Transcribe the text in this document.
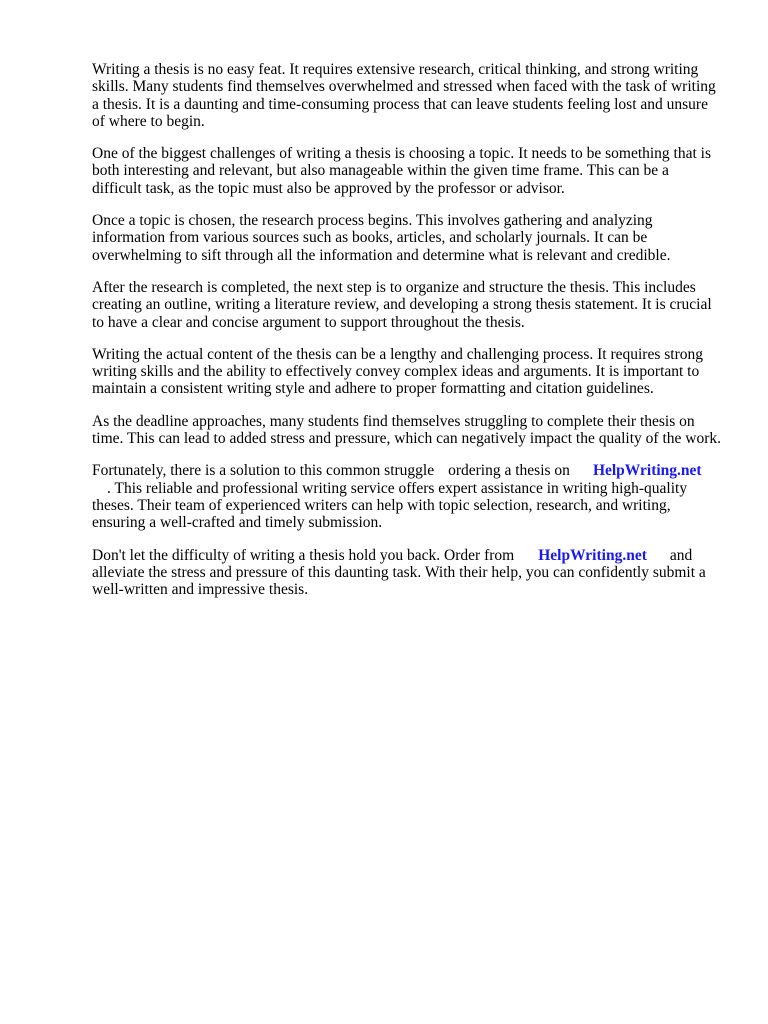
Writing a thesis is no easy feat. It requires extensive research, critical thinking, and strong writing
skills. Many students find themselves overwhelmed and stressed when faced with the task of writing
a thesis. It is a daunting and time-consuming process that can leave students feeling lost and unsure
of where to begin.

One of the biggest challenges of writing a thesis is choosing a topic. It needs to be something that is
both interesting and relevant, but also manageable within the given time frame. This can be a
difficult task, as the topic must also be approved by the professor or advisor.

Once a topic is chosen, the research process begins. This involves gathering and analyzing
information from various sources such as books, articles, and scholarly journals. It can be
overwhelming to sift through all the information and determine what is relevant and credible.

After the research is completed, the next step is to organize and structure the thesis. This includes
creating an outline, writing a literature review, and developing a strong thesis statement. It is crucial
to have a clear and concise argument to support throughout the thesis.

Writing the actual content of the thesis can be a lengthy and challenging process. It requires strong
writing skills and the ability to effectively convey complex ideas and arguments. It is important to
maintain a consistent writing style and adhere to proper formatting and citation guidelines.

As the deadline approaches, many students find themselves struggling to complete their thesis on
time. This can lead to added stress and pressure, which can negatively impact the quality of the work.

Fortunately, there is a solution to this common struggle ordering a thesis on HelpWriting.net
. This reliable and professional writing service offers expert assistance in writing high-quality
theses. Their team of experienced writers can help with topic selection, research, and writing,
ensuring a well-crafted and timely submission.

Don't let the difficulty of writing a thesis hold you back. Order from HelpWriting.net and
alleviate the stress and pressure of this daunting task. With their help, you can confidently submit a
well-written and impressive thesis.
